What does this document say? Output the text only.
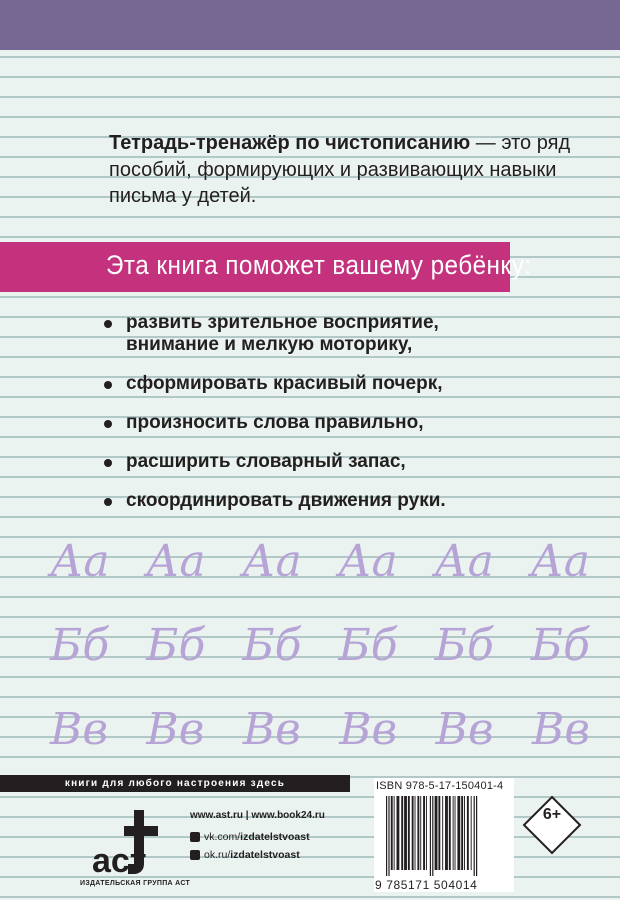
Тетрадь-тренажёр по чистописанию — это ряд пособий, формирующих и развивающих навыки письма у детей.

Эта книга поможет вашему ребёнку:
развить зрительное восприятие,
внимание и мелкую моторику,
сформировать красивый почерк,
произносить слова правильно,
расширить словарный запас,
скоординировать движения руки.
Аа Аа Аа Аа Аа Аа
Бб Бб Бб Бб Бб Бб
Вв Вв Вв Вв Вв Вв
книги для любого настроения здесь
аст
ИЗДАТЕЛЬСКАЯ ГРУППА АСТ
www.ast.ru | www.book24.ru
vk.com/ izdatelstvoast
ok.ru/ izdatelstvoast
ISBN 978-5-17-150401-4
9 785171 504014
6+
